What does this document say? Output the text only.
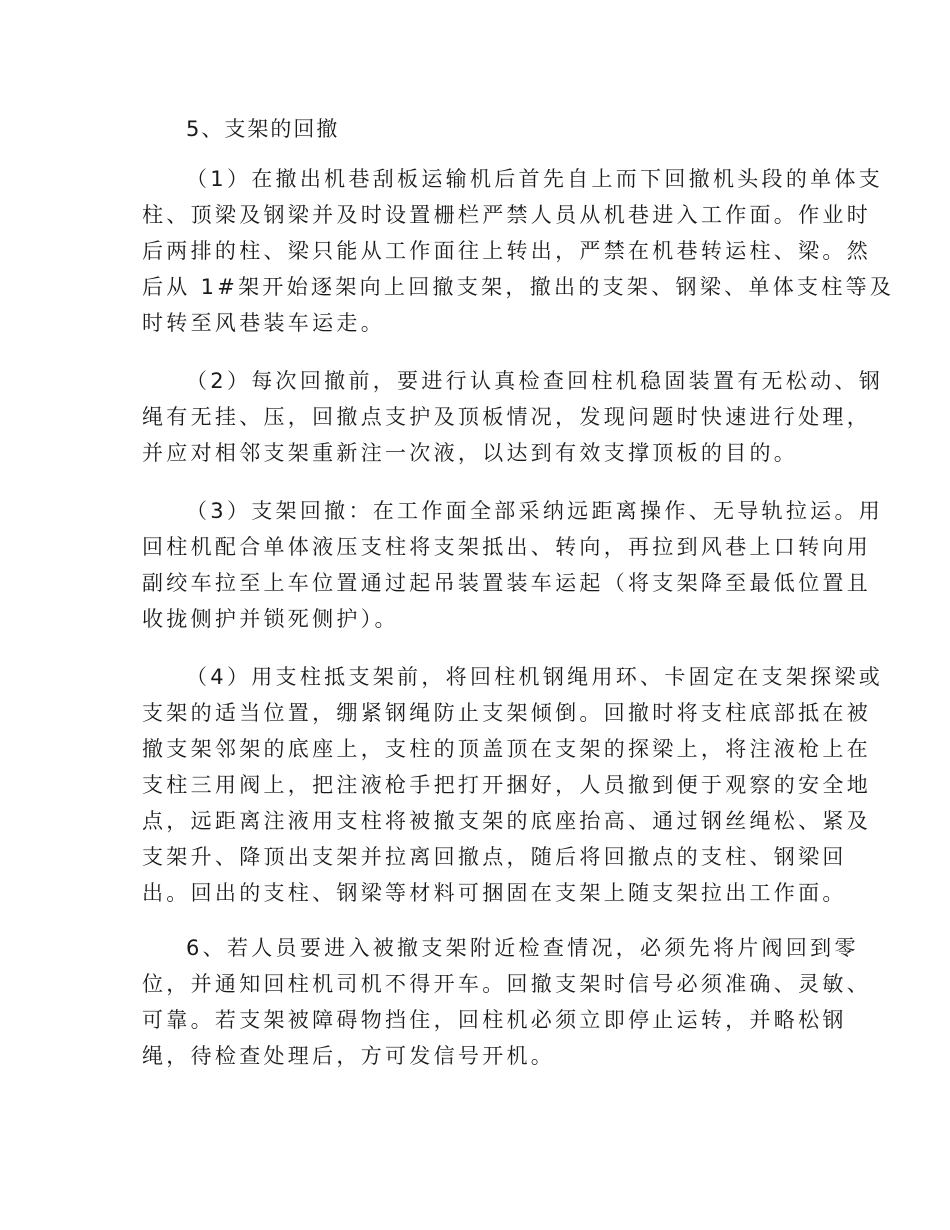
5、支架的回撤
（1）在撤出机巷刮板运输机后首先自上而下回撤机头段的单体支
柱、顶梁及钢梁并及时设置栅栏严禁人员从机巷进入工作面。作业时
后两排的柱、梁只能从工作面往上转出，严禁在机巷转运柱、梁。然
后从 1#架开始逐架向上回撤支架，撤出的支架、钢梁、单体支柱等及
时转至风巷装车运走。
（2）每次回撤前，要进行认真检查回柱机稳固装置有无松动、钢
绳有无挂、压，回撤点支护及顶板情况，发现问题时快速进行处理，
并应对相邻支架重新注一次液，以达到有效支撑顶板的目的。
（3）支架回撤：在工作面全部采纳远距离操作、无导轨拉运。用
回柱机配合单体液压支柱将支架抵出、转向，再拉到风巷上口转向用
副绞车拉至上车位置通过起吊装置装车运起（将支架降至最低位置且
收拢侧护并锁死侧护）。
（4）用支柱抵支架前，将回柱机钢绳用环、卡固定在支架探梁或
支架的适当位置，绷紧钢绳防止支架倾倒。回撤时将支柱底部抵在被
撤支架邻架的底座上，支柱的顶盖顶在支架的探梁上，将注液枪上在
支柱三用阀上，把注液枪手把打开捆好，人员撤到便于观察的安全地
点，远距离注液用支柱将被撤支架的底座抬高、通过钢丝绳松、紧及
支架升、降顶出支架并拉离回撤点，随后将回撤点的支柱、钢梁回
出。回出的支柱、钢梁等材料可捆固在支架上随支架拉出工作面。
6、若人员要进入被撤支架附近检查情况，必须先将片阀回到零
位，并通知回柱机司机不得开车。回撤支架时信号必须准确、灵敏、
可靠。若支架被障碍物挡住，回柱机必须立即停止运转，并略松钢
绳，待检查处理后，方可发信号开机。
